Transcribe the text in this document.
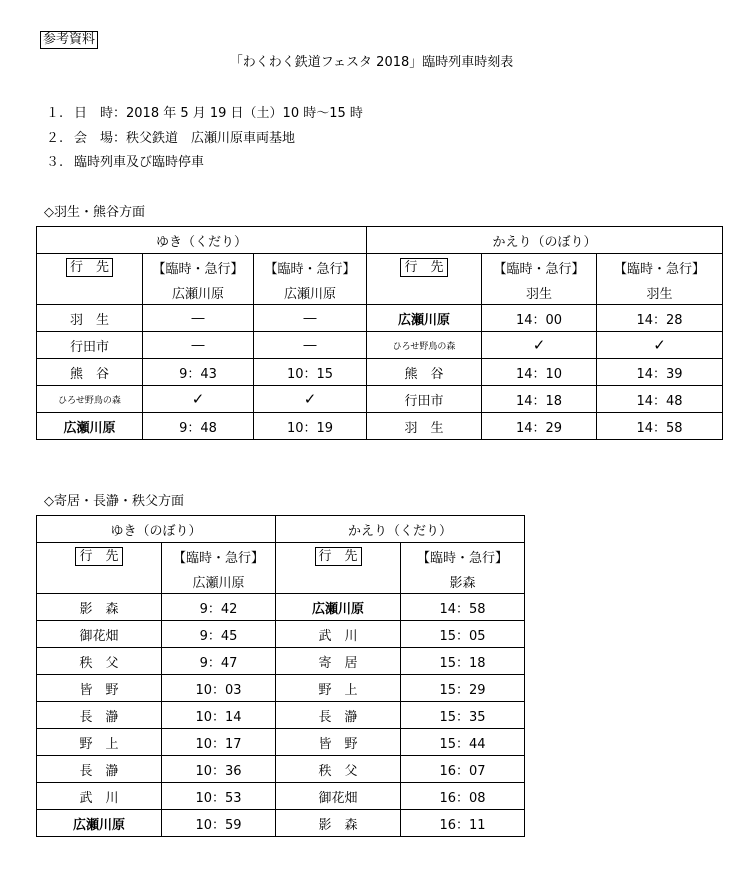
参考資料
「わくわく鉄道フェスタ 2018」臨時列車時刻表
１. 日　時：2018 年 5 月 19 日（土）10 時～15 時
２. 会　場：秩父鉄道　広瀬川原車両基地
３. 臨時列車及び臨時停車
◇羽生・熊谷方面
ゆき（くだり）			かえり（のぼり）		
行　先	【臨時・急行】	【臨時・急行】	行　先	【臨時・急行】	【臨時・急行】
	広瀬川原	広瀬川原		羽生	羽生
羽　生	―	―	広瀬川原	14：00	14：28
行田市	―	―	ひろせ野鳥の森	✓	✓
熊　谷	9：43	10：15	熊　谷	14：10	14：39
ひろせ野鳥の森	✓	✓	行田市	14：18	14：48
広瀬川原	9：48	10：19	羽　生	14：29	14：58
◇寄居・長瀞・秩父方面
ゆき（のぼり）		かえり（くだり）	
行　先	【臨時・急行】	行　先	【臨時・急行】
	広瀬川原		影森
影　森	9：42	広瀬川原	14：58
御花畑	9：45	武　川	15：05
秩　父	9：47	寄　居	15：18
皆　野	10：03	野　上	15：29
長　瀞	10：14	長　瀞	15：35
野　上	10：17	皆　野	15：44
長　瀞	10：36	秩　父	16：07
武　川	10：53	御花畑	16：08
広瀬川原	10：59	影　森	16：11
